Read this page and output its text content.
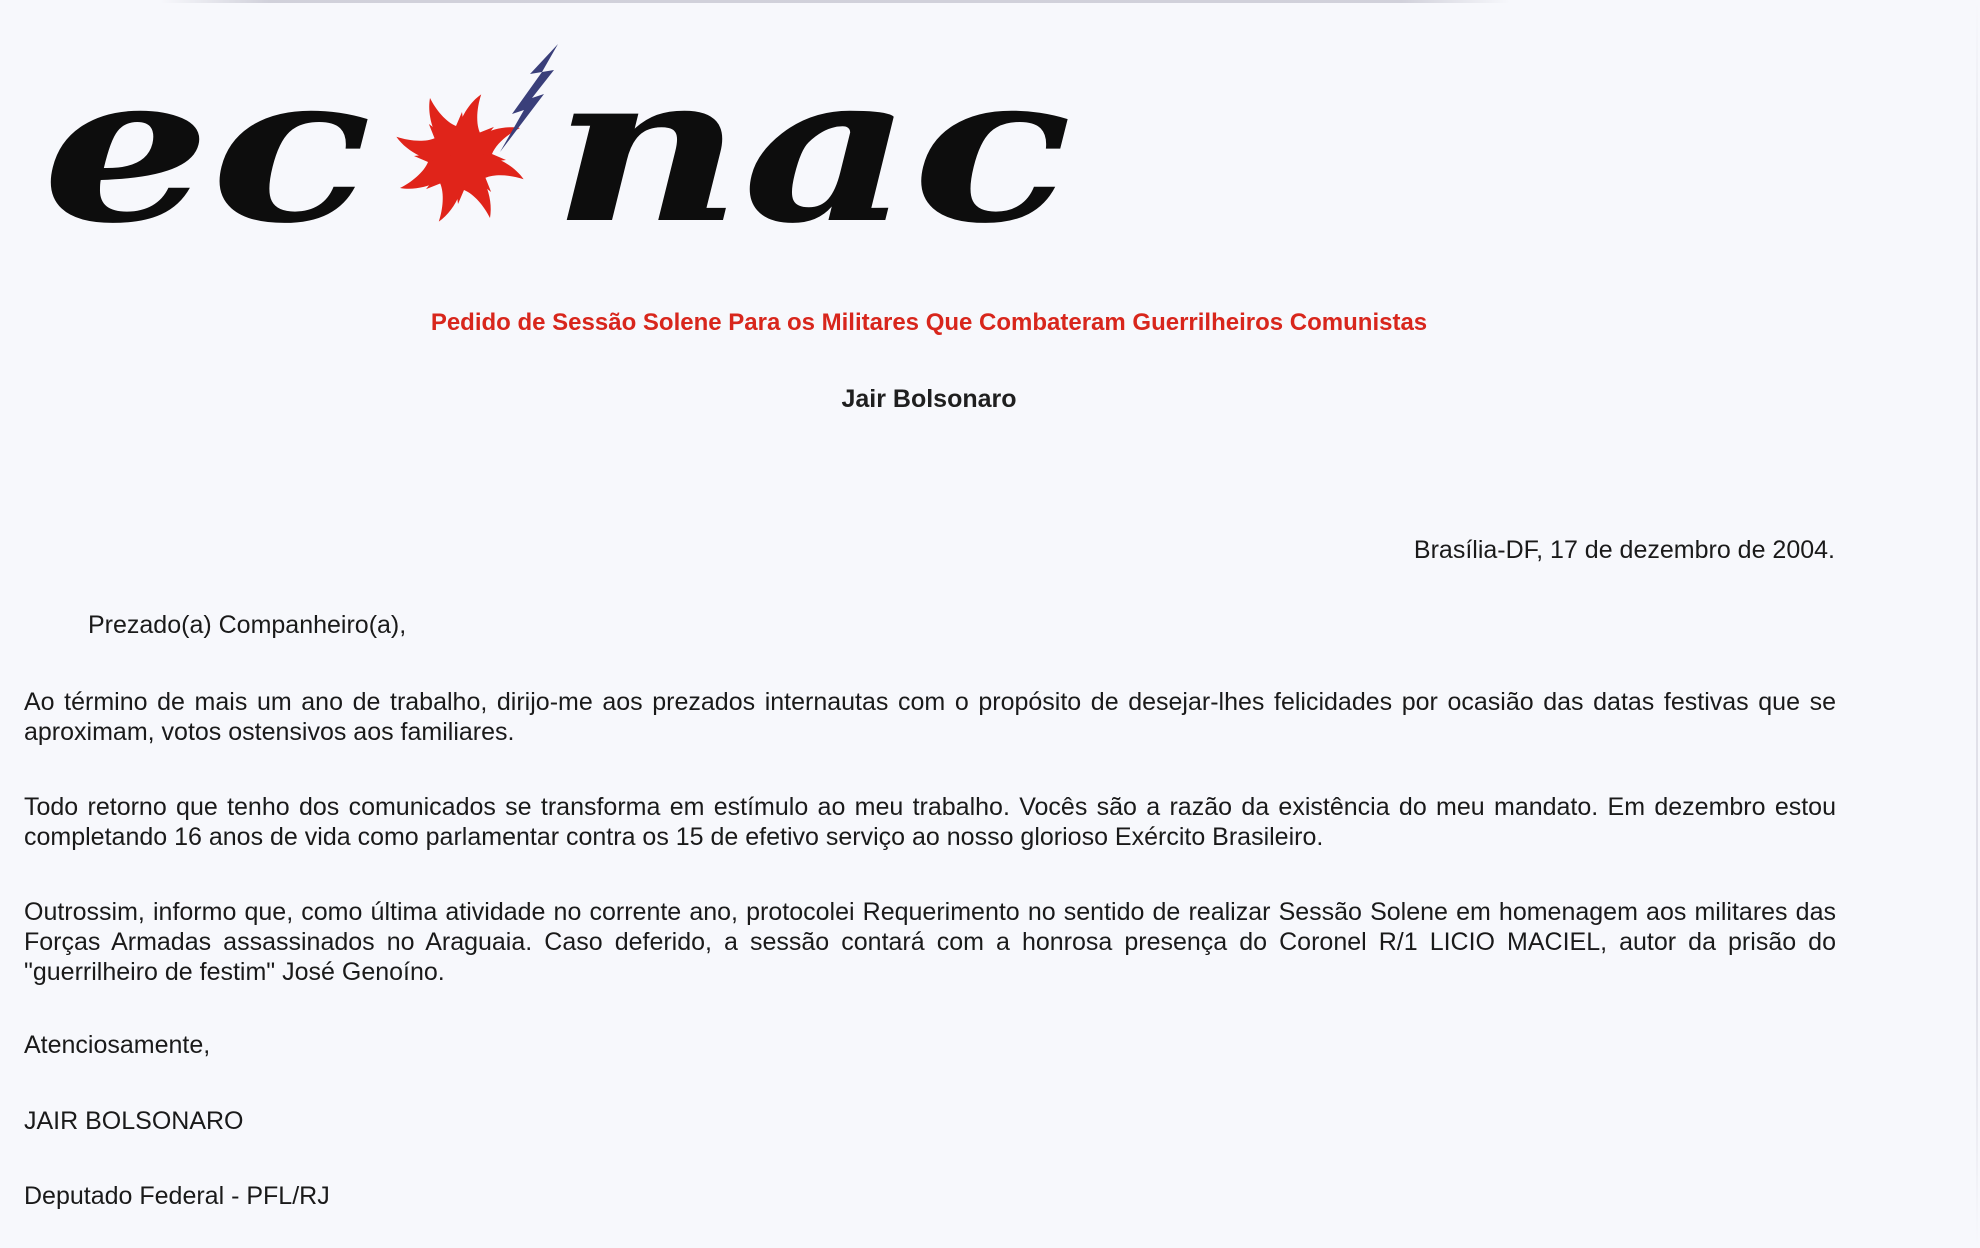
ec nac
Pedido de Sessão Solene Para os Militares Que Combateram Guerrilheiros Comunistas
Jair Bolsonaro

Brasília-DF, 17 de dezembro de 2004.

Prezado(a) Companheiro(a),

Ao término de mais um ano de trabalho, dirijo-me aos prezados internautas com o propósito de desejar-lhes felicidades por ocasião das datas festivas que se aproximam, votos ostensivos aos familiares.

Todo retorno que tenho dos comunicados se transforma em estímulo ao meu trabalho. Vocês são a razão da existência do meu mandato. Em dezembro estou completando 16 anos de vida como parlamentar contra os 15 de efetivo serviço ao nosso glorioso Exército Brasileiro.

Outrossim, informo que, como última atividade no corrente ano, protocolei Requerimento no sentido de realizar Sessão Solene em homenagem aos militares das Forças Armadas assassinados no Araguaia. Caso deferido, a sessão contará com a honrosa presença do Coronel R/1 LICIO MACIEL, autor da prisão do "guerrilheiro de festim" José Genoíno.

Atenciosamente,

JAIR BOLSONARO

Deputado Federal - PFL/RJ
